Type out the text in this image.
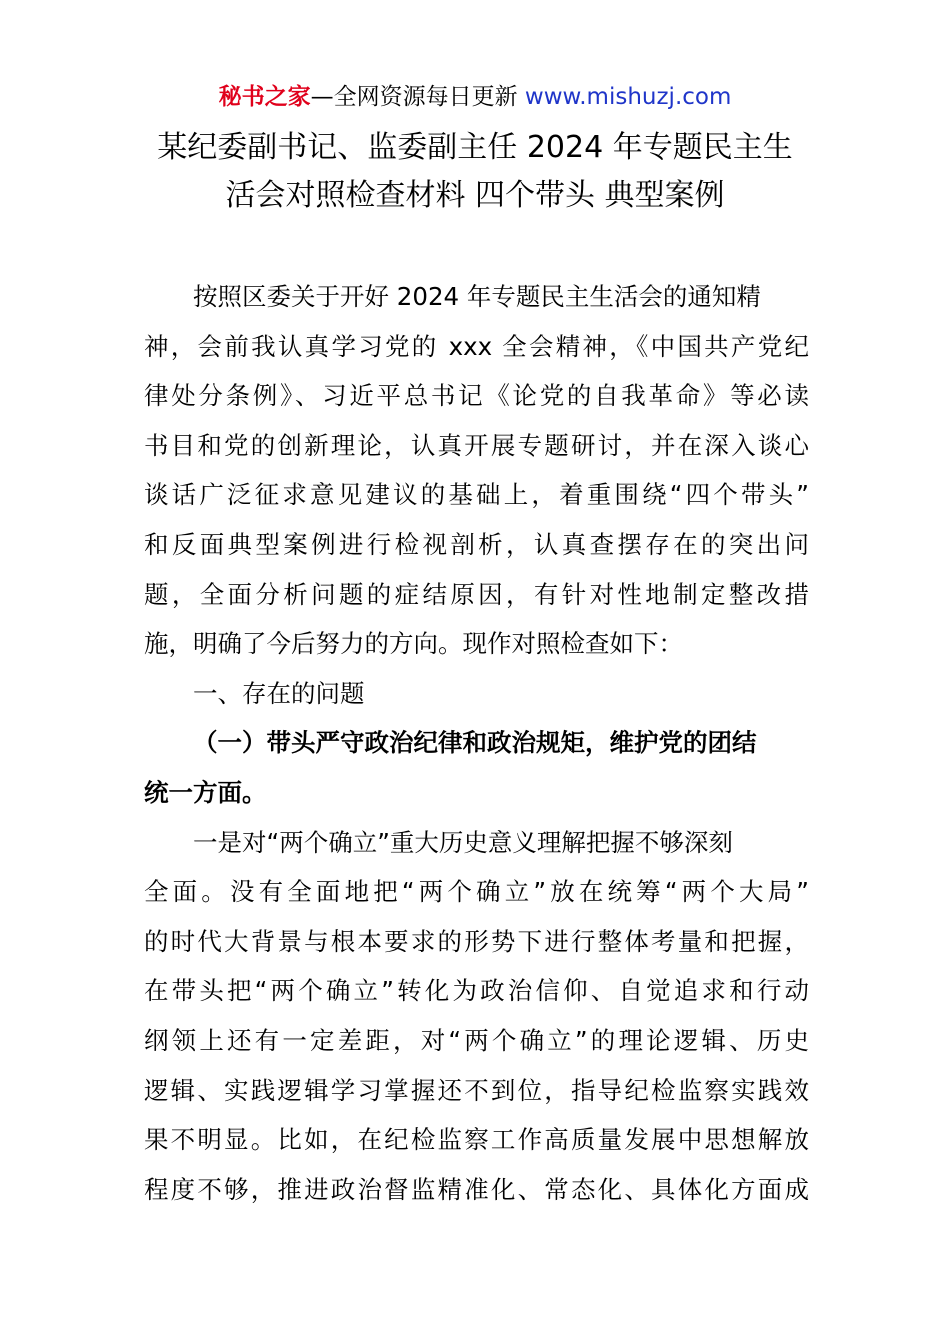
秘书之家—全网资源每日更新 www.mishuzj.com
某纪委副书记、监委副主任 2024 年专题民主生
活会对照检查材料 四个带头 典型案例
按照区委关于开好 2024 年专题民主生活会的通知精
神，会前我认真学习党的 xxx 全会精神，《中国共产党纪
律处分条例》、习近平总书记《论党的自我革命》等必读
书目和党的创新理论，认真开展专题研讨，并在深入谈心
谈话广泛征求意见建议的基础上，着重围绕“四个带头”
和反面典型案例进行检视剖析，认真查摆存在的突出问
题，全面分析问题的症结原因，有针对性地制定整改措
施，明确了今后努力的方向。现作对照检查如下：
一、存在的问题
（一）带头严守政治纪律和政治规矩，维护党的团结
统一方面。
一是对“两个确立”重大历史意义理解把握不够深刻
全面。没有全面地把“两个确立”放在统筹“两个大局”
的时代大背景与根本要求的形势下进行整体考量和把握，
在带头把“两个确立”转化为政治信仰、自觉追求和行动
纲领上还有一定差距，对“两个确立”的理论逻辑、历史
逻辑、实践逻辑学习掌握还不到位，指导纪检监察实践效
果不明显。比如，在纪检监察工作高质量发展中思想解放
程度不够，推进政治督监精准化、常态化、具体化方面成
